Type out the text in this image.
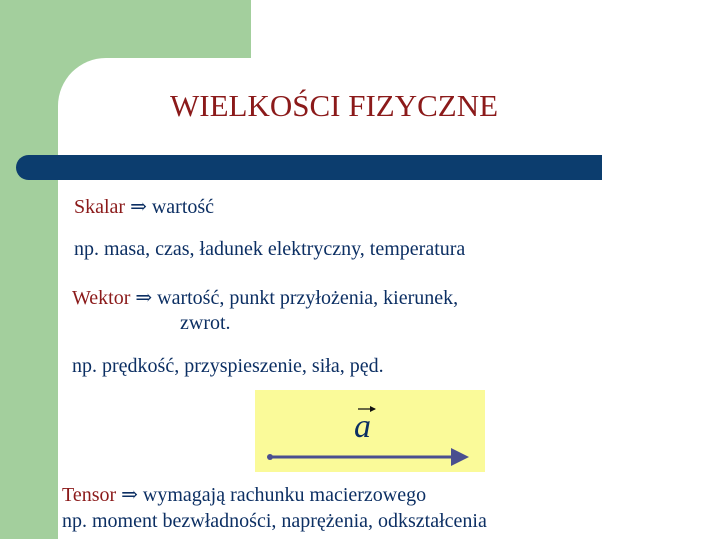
WIELKOŚCI FIZYCZNE
Skalar ⇒ wartość
np. masa, czas, ładunek elektryczny, temperatura
Wektor ⇒ wartość, punkt przyłożenia, kierunek,
zwrot.
np. prędkość, przyspieszenie, siła, pęd.
a
Tensor ⇒ wymagają rachunku macierzowego
np. moment bezwładności, naprężenia, odkształcenia
